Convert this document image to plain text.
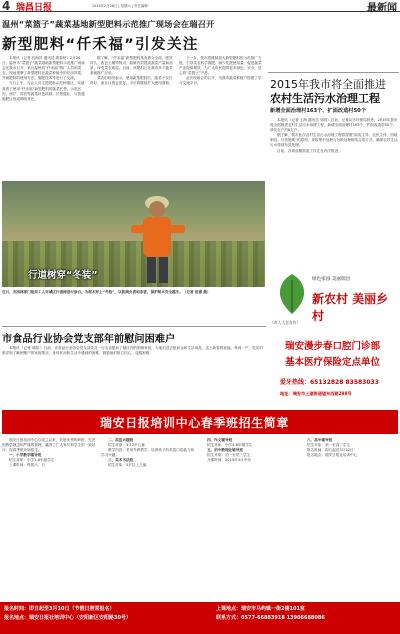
4 瑞昌日报	2015年2月28日 | 星期六 | 责任编辑：	最新闻
温州“菜篮子”蔬菜基地新型肥料示范推广现场会在瑞召开
新型肥料“仟禾福”引发关注

本报讯（记者 包海昌 通讯员 胡春秋）2月26日，温州市“菜篮子”蔬菜基地新型肥料示范推广现场会在我市召开，来自温州的“仟禾福”推广人员和菜农，现场观摩了新型肥料在蔬菜种植中的应用效果，并就肥料的使用方法、施肥技术等进行了交流。

当日上午，与会人员走进肥料示范种植区，实地查看了使用“仟禾福”新型肥料的蔬菜长势。示范区内，西芹、莴苣等蔬菜叶色浓绿、长势健壮，与普通施肥区形成鲜明对比。

据了解，“仟禾福”新型肥料具有养分全面、肥效持久、改良土壤等特点，能够有效提高蔬菜产量和品质，深受菜农欢迎。目前，该肥料已在我市多个蔬菜基地推广应用。

菜农们纷纷表示，使用新型肥料后，蔬菜不仅长得好，而且口感也更好，今后将继续扩大使用面积。

下一步，我市将继续加大新型肥料的示范推广力度，引导菜农科学施肥，减少化肥使用量，促进蔬菜产业提质增效，为广大市民提供更多绿色、安全、放心的“菜篮子”产品。

此次现场会的召开，为我市蔬菜种植户搭建了学习交流平台。

行道树穿“冬装”
近日，市园林部门组织工人对城区行道树进行涂白，为树木穿上“冬装”，以防病虫害和冻害，保护树木安全越冬。（记者 赵睿 摄）
2015年我市将全面推进
农村生活污水治理工程
新增全面治理村163个、扩面改造村50个

本报讯（记者 王海 通讯员 吴明）日前，记者从市环保局获悉，2015年我市将全面推进农村生活污水治理工程，新增全面治理村163个、扩面改造村50个，涉及农户约6万户。

据了解，我市此次农村生活污水治理工程将按照“政府主导、农民主体、因地制宜、分类施策”的原则，采取集中处理与分散处理相结合的方式，确保农村生活污水得到有效处理。

目前，各项前期准备工作正在有序推进。

绿色家园 美丽瑞昌
新农村 美丽乡村
（市人大办宣传）
瑞安漫步春口腔门诊部
基本医疗保险定点单位
爱牙热线：65132828 83583033
地址：瑞安市上望街道望东西路288号
市食品行业协会党支部年前慰问困难户

本报讯（记者 项瑞 ）日前，市食品行业协会党支部党员一行走访慰问了辖区内的困难家庭，为他们送去慰问金和生活用品，送上新春的祝福。每到一户，党员们都详细了解困难户的家庭情况、身体状况和生活中遇到的困难，鼓励他们树立信心，克服困难。

瑞安日报培训中心春季班招生简章

瑞安日报培训中心自成立以来，凭借优秀的师资、先进的教学理念和严谨的管理，赢得了广大家长和学生的一致好评。现春季班开始招生。

一、小学数学辅导班

招生对象：小学1-6年级学生

上课时间：每周六、日

二、英语兴趣班

招生对象：3-12岁儿童

教学内容：采用外教教学，培养孩子的英语口语能力和学习兴趣。

三、美术书法班

招生对象：5岁以上儿童

四、作文辅导班

招生对象：小学3-6年级学生

五、初中数理化辅导班

招生对象：初一至初三学生

开课时间：2015年3月中旬

六、高中辅导班

招生对象：高一至高三学生

报名时间：即日起至3月10日

报名地点：瑞安日报社培训中心

报名时间：即日起至3月10日（节假日照常报名）
报名地点：瑞安日报社培训中心（安阳新区安阳路30号）
上课地点：瑞安市马屿镇一街2楼101室
联系方式：0577-66883918 13906688086
